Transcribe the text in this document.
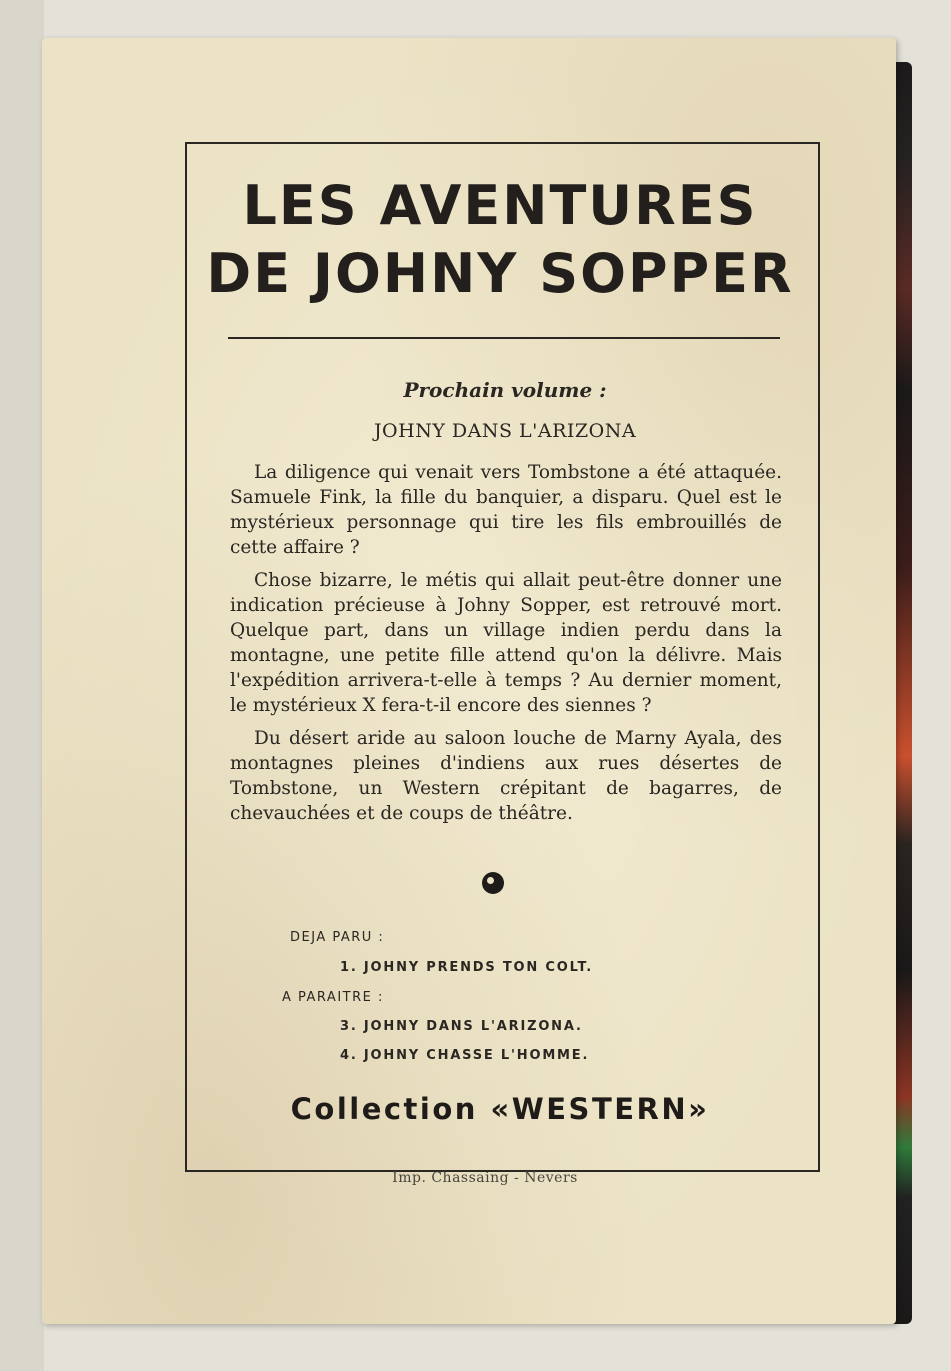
LES AVENTURES
DE JOHNY SOPPER
Prochain volume :
JOHNY DANS L'ARIZONA

La diligence qui venait vers Tombstone a été attaquée. Samuele Fink, la fille du banquier, a disparu. Quel est le mystérieux personnage qui tire les fils embrouillés de cette affaire ?

Chose bizarre, le métis qui allait peut-être donner une indication précieuse à Johny Sopper, est retrouvé mort. Quelque part, dans un village indien perdu dans la montagne, une petite fille attend qu'on la délivre. Mais l'expédition arrivera-t-elle à temps ? Au dernier moment, le mystérieux X fera-t-il encore des siennes ?

Du désert aride au saloon louche de Marny Ayala, des montagnes pleines d'indiens aux rues désertes de Tombstone, un Western crépitant de bagarres, de chevauchées et de coups de théâtre.

DEJA PARU :
1. JOHNY PRENDS TON COLT.
A PARAITRE :
3. JOHNY DANS L'ARIZONA.
4. JOHNY CHASSE L'HOMME.
Collection «WESTERN»
Imp. Chassaing - Nevers
